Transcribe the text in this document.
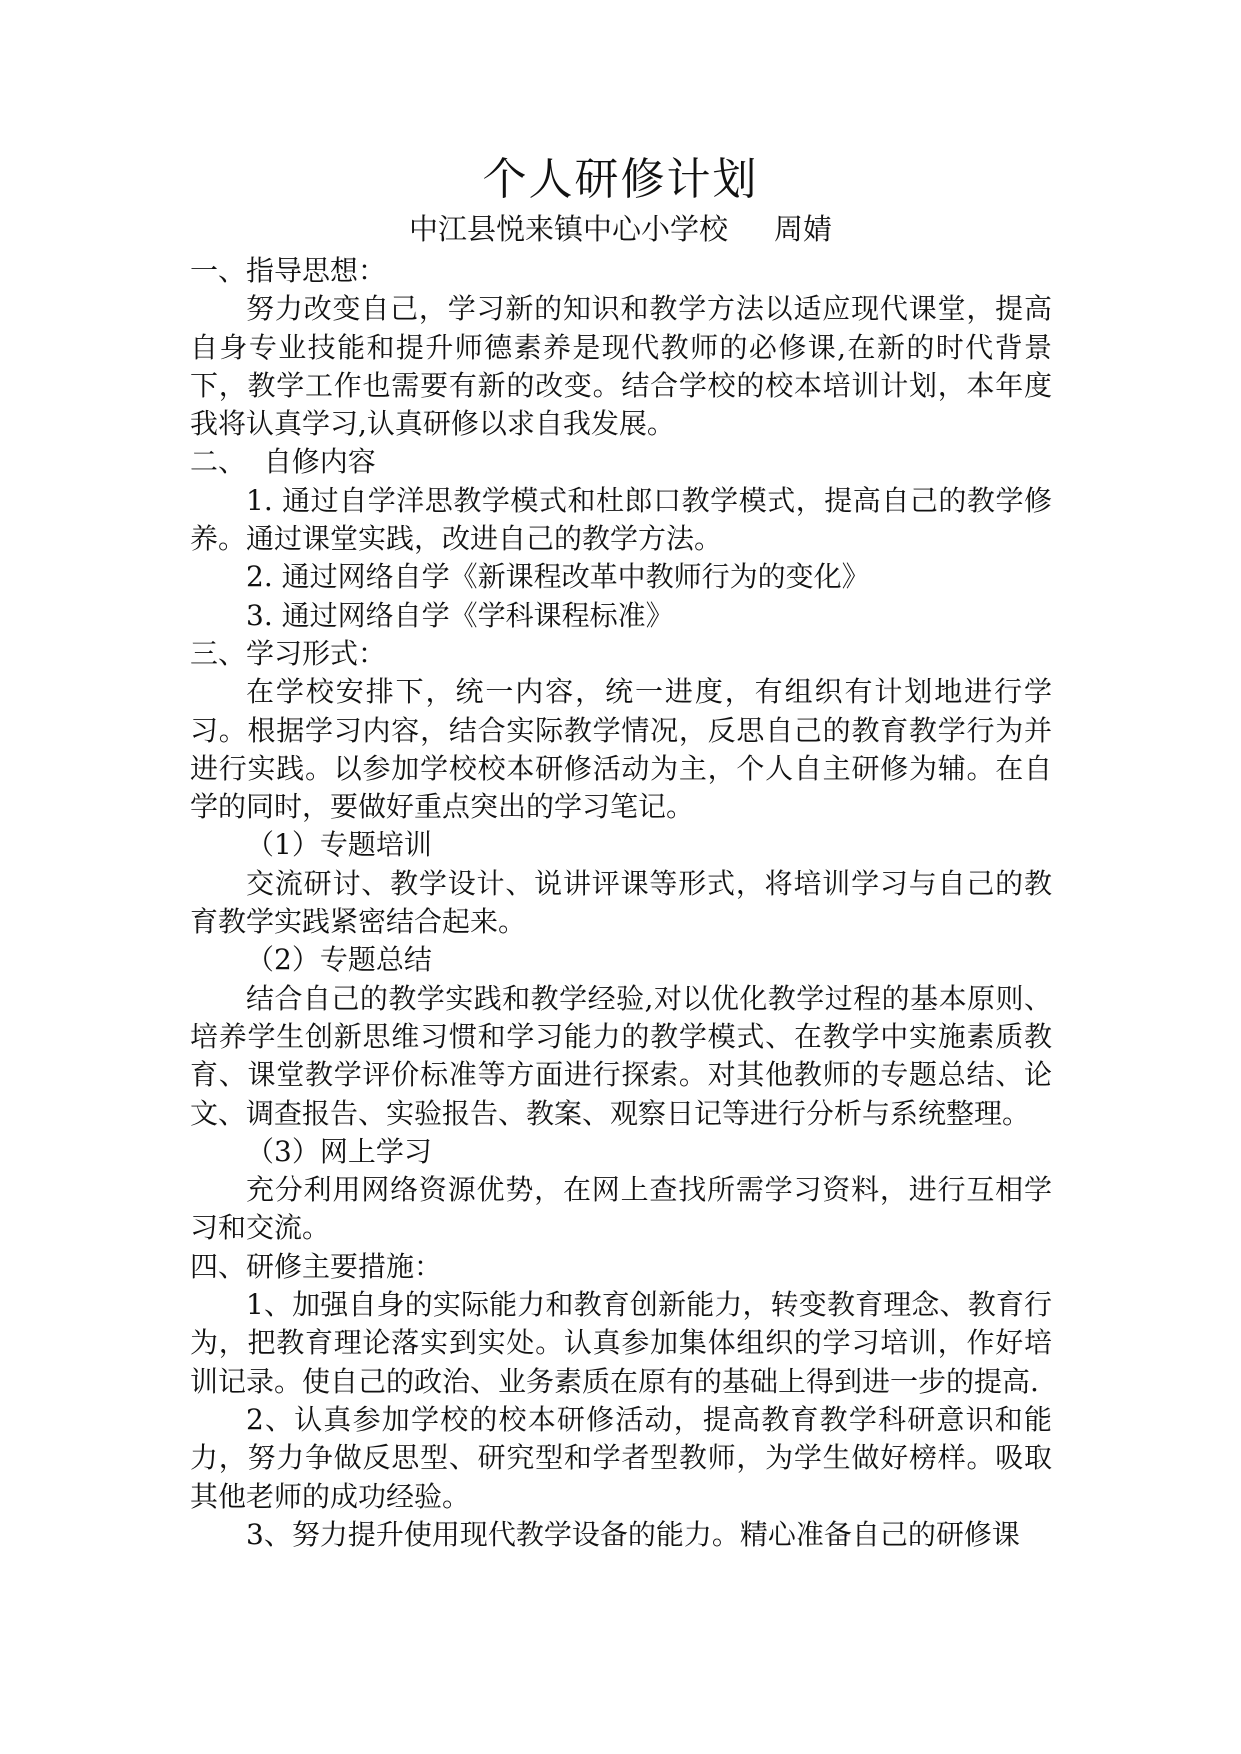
个人研修计划
中江县悦来镇中心小学校 周婧

一、指导思想：

努力改变自己，学习新的知识和教学方法以适应现代课堂，提高自身专业技能和提升师德素养是现代教师的必修课,在新的时代背景下，教学工作也需要有新的改变。结合学校的校本培训计划，本年度我将认真学习,认真研修以求自我发展。

二、  自修内容

1. 通过自学洋思教学模式和杜郎口教学模式，提高自己的教学修养。通过课堂实践，改进自己的教学方法。

2. 通过网络自学《新课程改革中教师行为的变化》

3. 通过网络自学《学科课程标准》

三、学习形式：

在学校安排下，统一内容，统一进度，有组织有计划地进行学习。根据学习内容，结合实际教学情况，反思自己的教育教学行为并进行实践。以参加学校校本研修活动为主，个人自主研修为辅。在自学的同时，要做好重点突出的学习笔记。

（1）专题培训

交流研讨、教学设计、说讲评课等形式，将培训学习与自己的教育教学实践紧密结合起来。

（2）专题总结

结合自己的教学实践和教学经验,对以优化教学过程的基本原则、培养学生创新思维习惯和学习能力的教学模式、在教学中实施素质教育、课堂教学评价标准等方面进行探索。对其他教师的专题总结、论文、调查报告、实验报告、教案、观察日记等进行分析与系统整理。

（3）网上学习

充分利用网络资源优势，在网上查找所需学习资料，进行互相学习和交流。

四、研修主要措施：

1、加强自身的实际能力和教育创新能力，转变教育理念、教育行为，把教育理论落实到实处。认真参加集体组织的学习培训，作好培训记录。使自己的政治、业务素质在原有的基础上得到进一步的提高.

2、认真参加学校的校本研修活动，提高教育教学科研意识和能力，努力争做反思型、研究型和学者型教师，为学生做好榜样。吸取其他老师的成功经验。

3、努力提升使用现代教学设备的能力。精心准备自己的研修课
